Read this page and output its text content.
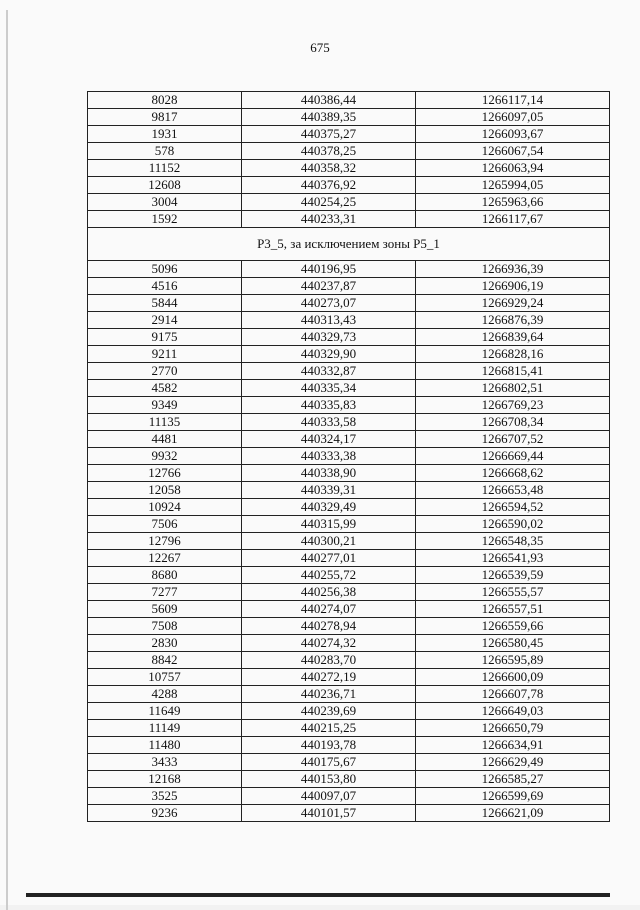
675
8028	440386,44	1266117,14
9817	440389,35	1266097,05
1931	440375,27	1266093,67
578	440378,25	1266067,54
11152	440358,32	1266063,94
12608	440376,92	1265994,05
3004	440254,25	1265963,66
1592	440233,31	1266117,67
Р3_5, за исключением зоны Р5_1		
5096	440196,95	1266936,39
4516	440237,87	1266906,19
5844	440273,07	1266929,24
2914	440313,43	1266876,39
9175	440329,73	1266839,64
9211	440329,90	1266828,16
2770	440332,87	1266815,41
4582	440335,34	1266802,51
9349	440335,83	1266769,23
11135	440333,58	1266708,34
4481	440324,17	1266707,52
9932	440333,38	1266669,44
12766	440338,90	1266668,62
12058	440339,31	1266653,48
10924	440329,49	1266594,52
7506	440315,99	1266590,02
12796	440300,21	1266548,35
12267	440277,01	1266541,93
8680	440255,72	1266539,59
7277	440256,38	1266555,57
5609	440274,07	1266557,51
7508	440278,94	1266559,66
2830	440274,32	1266580,45
8842	440283,70	1266595,89
10757	440272,19	1266600,09
4288	440236,71	1266607,78
11649	440239,69	1266649,03
11149	440215,25	1266650,79
11480	440193,78	1266634,91
3433	440175,67	1266629,49
12168	440153,80	1266585,27
3525	440097,07	1266599,69
9236	440101,57	1266621,09
